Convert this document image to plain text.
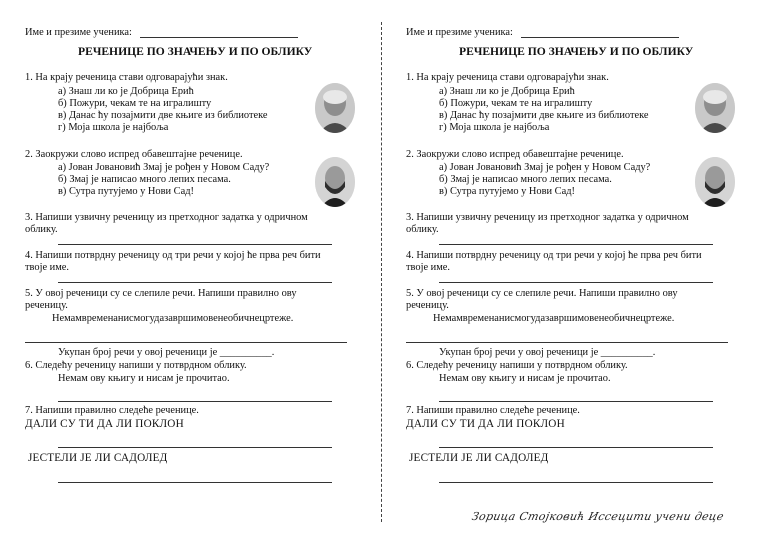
Име и презиме ученика:
РЕЧЕНИЦЕ ПО ЗНАЧЕЊУ И ПО ОБЛИКУ
1. На крају реченица стави одговарајући знак.
а) Знаш ли ко је Добрица Ерић
б) Пожури, чекам те на игралишту
в) Данас ћу позајмити две књиге из библиотеке
г) Моја школа је најбоља
2. Заокружи слово испред обавештајне реченице.
а) Јован Јовановић Змај је рођен у Новом Саду?
б) Змај је написао много лепих песама.
в) Сутра путујемо у Нови Сад!
3. Напиши узвичну реченицу из претходног задатка у одричном
облику.
4. Напиши потврдну реченицу од три речи у којој ће прва реч бити
твоје име.
5. У овој реченици су се слепиле речи. Напиши правилно ову
реченицу.
Немамвременанисмогудазавршимовенеобичнецртеже.
Укупан број речи у овој реченици је __________.
6. Следећу реченицу напиши у потврдном облику.
Немам ову књигу и нисам је прочитао.
7. Напиши правилно следеће реченице.
ДАЛИ СУ ТИ ДА ЛИ ПОКЛОН
ЈЕСТЕЛИ ЈЕ ЛИ САДОЛЕД
Име и презиме ученика:
РЕЧЕНИЦЕ ПО ЗНАЧЕЊУ И ПО ОБЛИКУ
1. На крају реченица стави одговарајући знак.
а) Знаш ли ко је Добрица Ерић
б) Пожури, чекам те на игралишту
в) Данас ћу позајмити две књиге из библиотеке
г) Моја школа је најбоља
2. Заокружи слово испред обавештајне реченице.
а) Јован Јовановић Змај је рођен у Новом Саду?
б) Змај је написао много лепих песама.
в) Сутра путујемо у Нови Сад!
3. Напиши узвичну реченицу из претходног задатка у одричном
облику.
4. Напиши потврдну реченицу од три речи у којој ће прва реч бити
твоје име.
5. У овој реченици су се слепиле речи. Напиши правилно ову
реченицу.
Немамвременанисмогудазавршимовенеобичнецртеже.
Укупан број речи у овој реченици је __________.
6. Следећу реченицу напиши у потврдном облику.
Немам ову књигу и нисам је прочитао.
7. Напиши правилно следеће реченице.
ДАЛИ СУ ТИ ДА ЛИ ПОКЛОН
ЈЕСТЕЛИ ЈЕ ЛИ САДОЛЕД
Зорица Стојковић Иссецити учени деце
